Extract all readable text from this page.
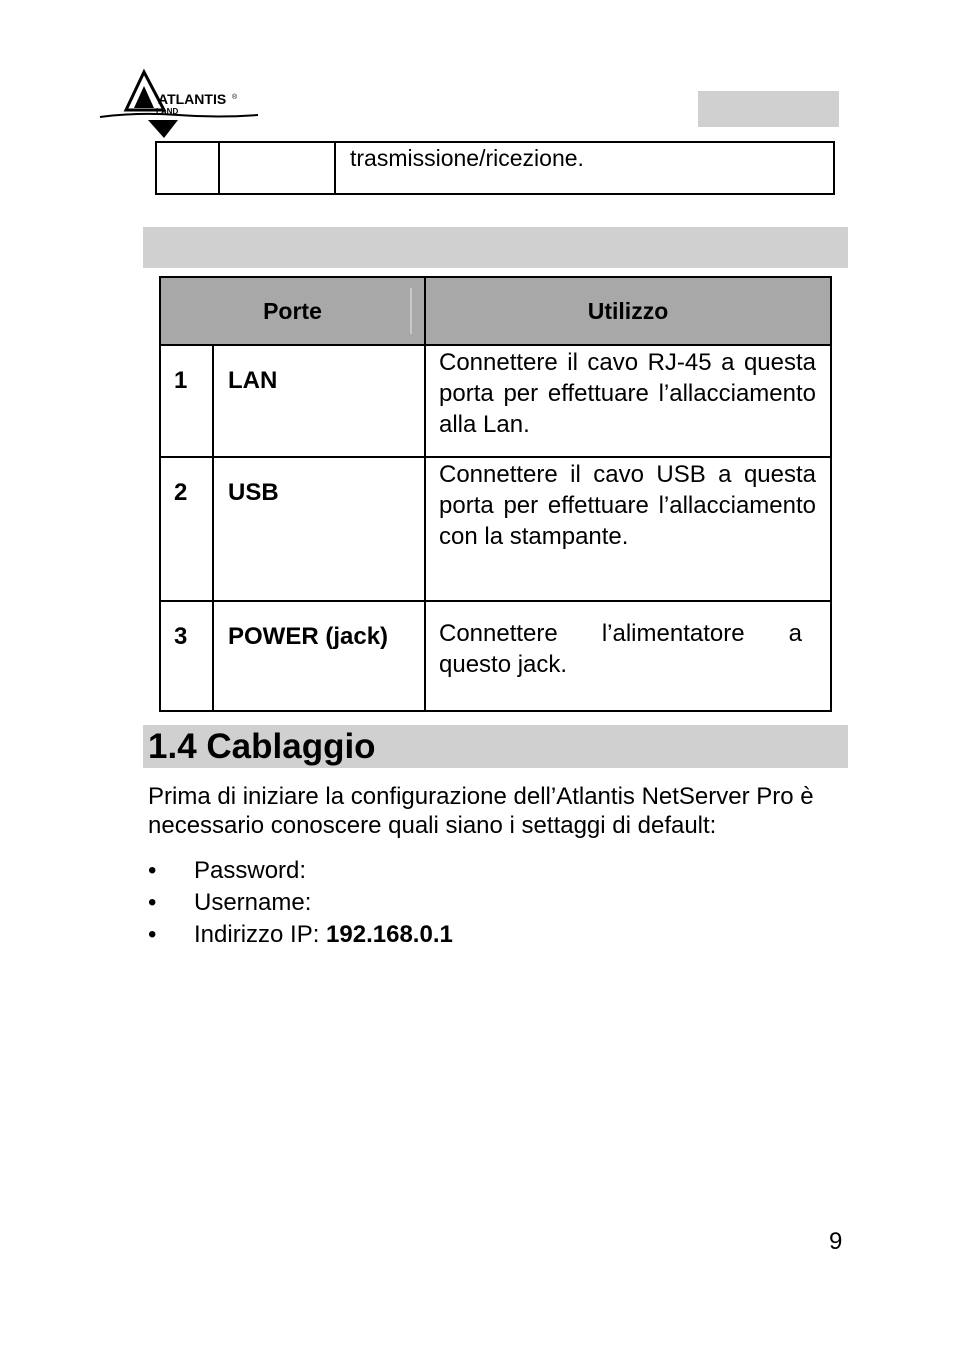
ATLANTIS ®
LAND
		trasmissione/ricezione.
Porte		Utilizzo
1	LAN	Connettere il cavo RJ-45 a questa porta per effettuare l’allacciamento alla Lan.
2	USB	Connettere il cavo USB a questa porta per effettuare l’allacciamento con la stampante.
3	POWER (jack)	Connettere l’alimentatore a questo jack.
1.4 Cablaggio
Prima di iniziare la configurazione dell’Atlantis NetServer Pro è necessario conoscere quali siano i settaggi di default:
• Password:
• Username:
• Indirizzo IP: 192.168.0.1
9
